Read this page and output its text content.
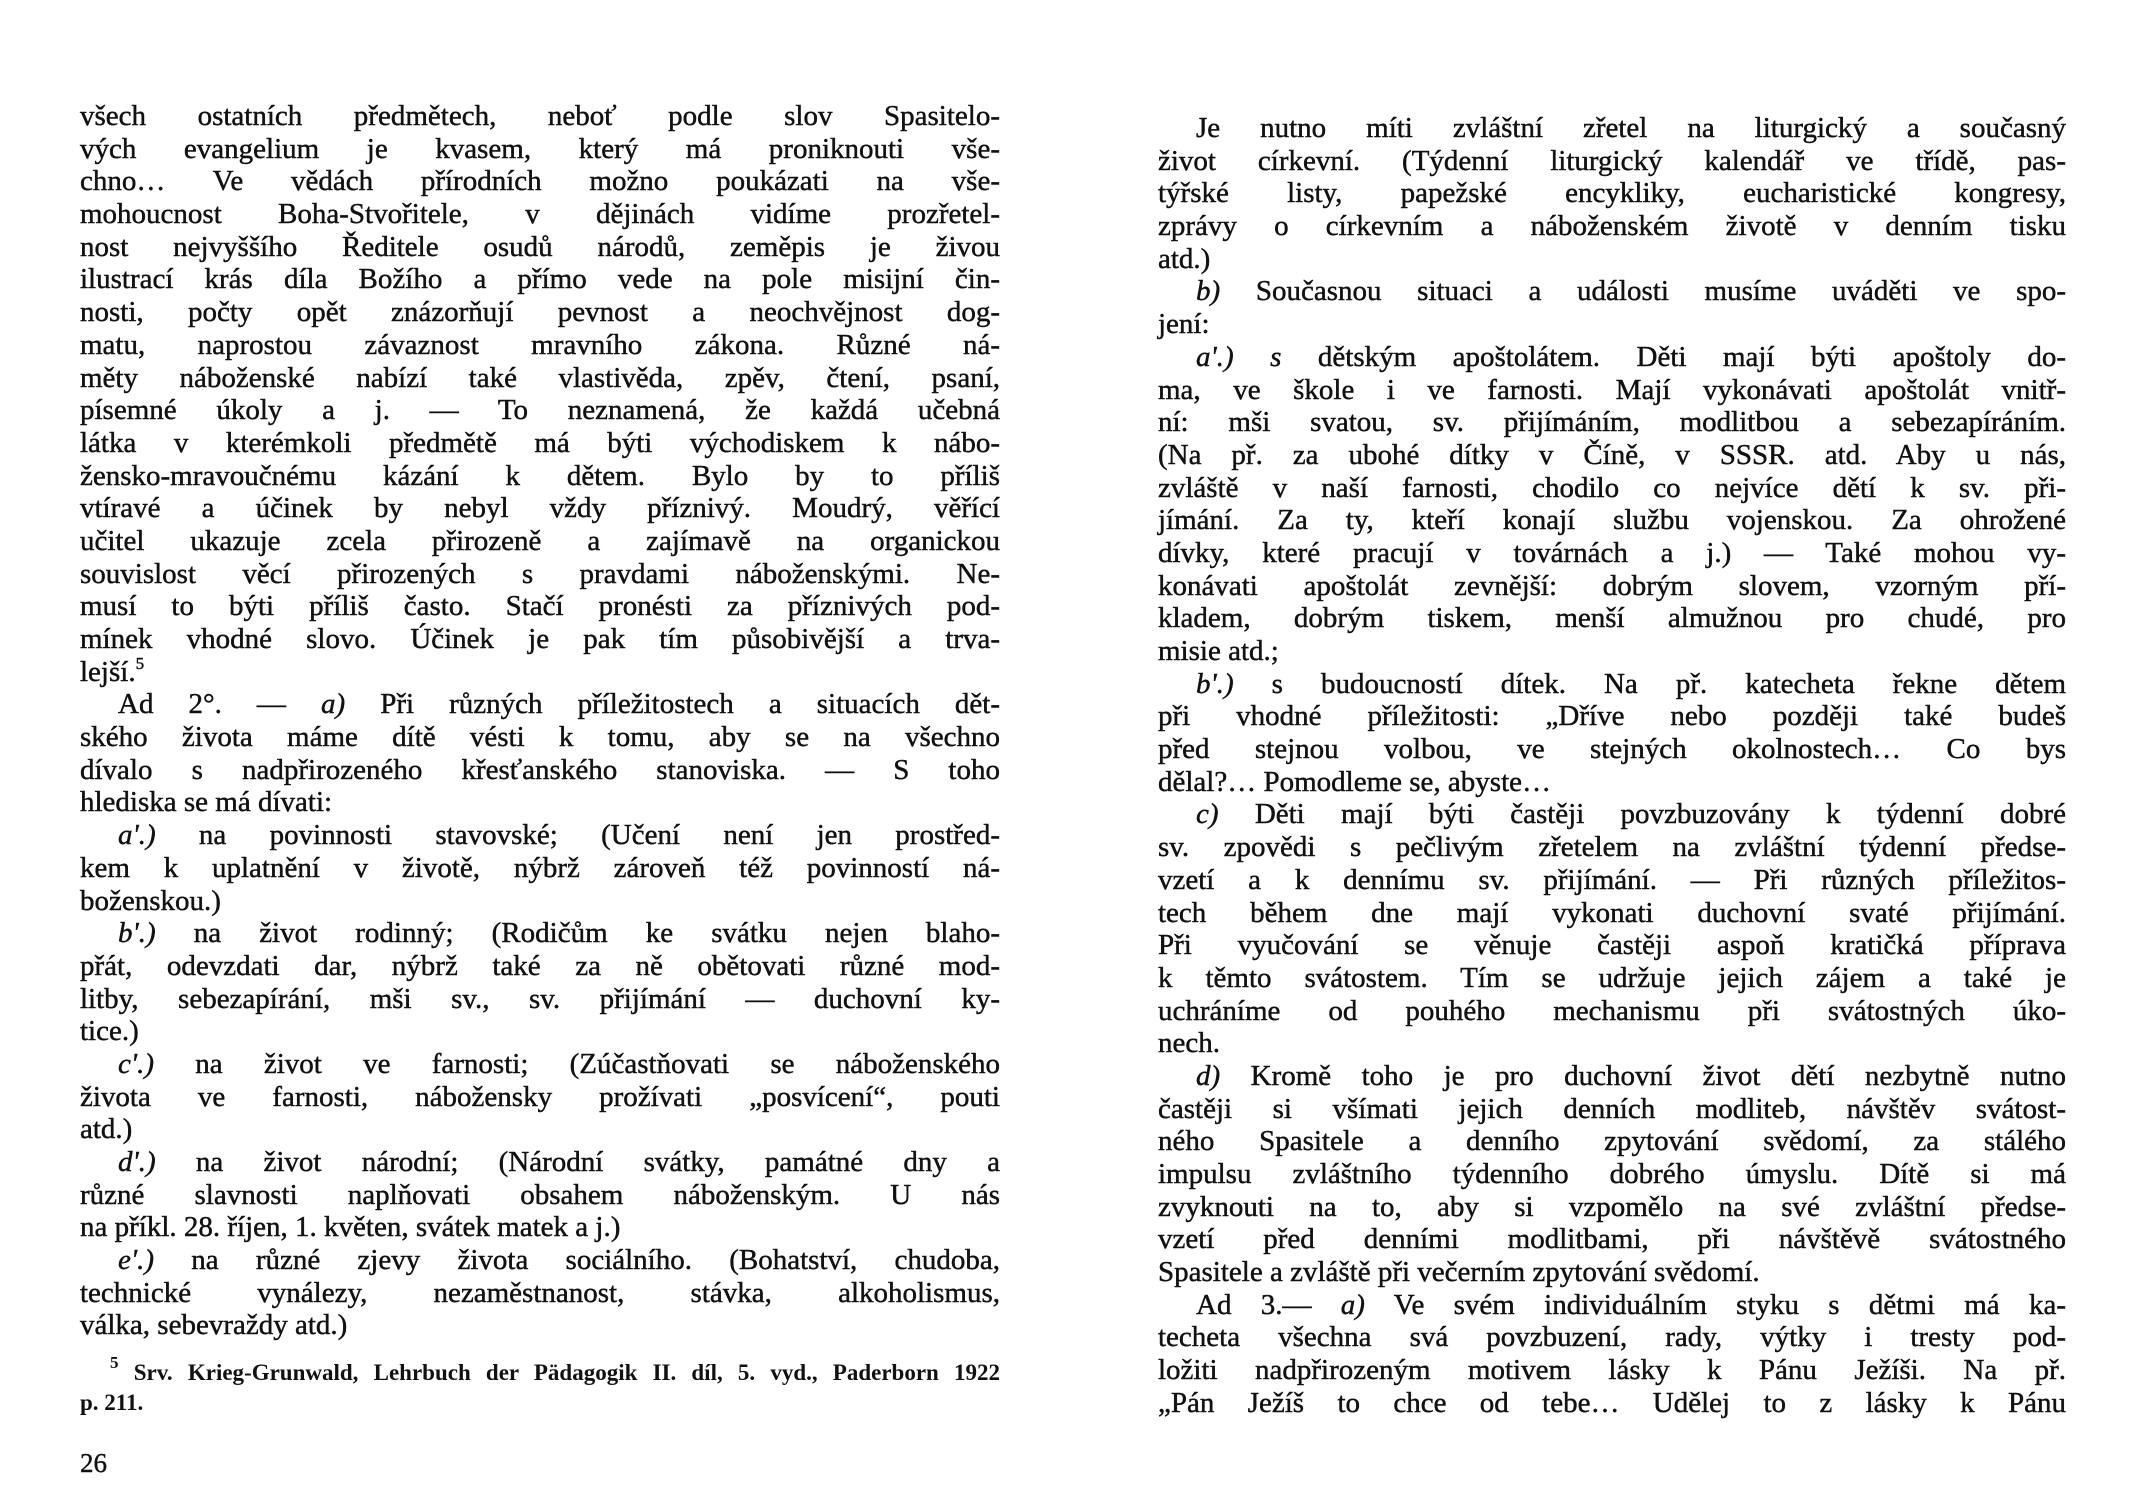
všech ostatních předmětech, neboť podle slov Spasitelo-
vých evangelium je kvasem, který má proniknouti vše-
chno… Ve vědách přírodních možno poukázati na vše-
mohoucnost Boha-Stvořitele, v dějinách vidíme prozřetel-
nost nejvyššího Ředitele osudů národů, zeměpis je živou
ilustrací krás díla Božího a přímo vede na pole misijní čin-
nosti, počty opět znázorňují pevnost a neochvějnost dog-
matu, naprostou závaznost mravního zákona. Různé ná-
měty náboženské nabízí také vlastivěda, zpěv, čtení, psaní,
písemné úkoly a j. — To neznamená, že každá učebná
látka v kterémkoli předmětě má býti východiskem k nábo-
žensko-mravoučnému kázání k dětem. Bylo by to příliš
vtíravé a účinek by nebyl vždy příznivý. Moudrý, věřící
učitel ukazuje zcela přirozeně a zajímavě na organickou
souvislost věcí přirozených s pravdami náboženskými. Ne-
musí to býti příliš často. Stačí pronésti za příznivých pod-
mínek vhodné slovo. Účinek je pak tím působivější a trva-
lejší.$^5$
Ad 2°. — a) Při různých příležitostech a situacích dět-
ského života máme dítě vésti k tomu, aby se na všechno
dívalo s nadpřirozeného křesťanského stanoviska. — S toho
hlediska se má dívati:
a'.) na povinnosti stavovské; (Učení není jen prostřed-
kem k uplatnění v životě, nýbrž zároveň též povinností ná-
boženskou.)
b'.) na život rodinný; (Rodičům ke svátku nejen blaho-
přát, odevzdati dar, nýbrž také za ně obětovati různé mod-
litby, sebezapírání, mši sv., sv. přijímání — duchovní ky-
tice.)
c'.) na život ve farnosti; (Zúčastňovati se náboženského
života ve farnosti, nábožensky prožívati „posvícení“, pouti
atd.)
d'.) na život národní; (Národní svátky, památné dny a
různé slavnosti naplňovati obsahem náboženským. U nás
na příkl. 28. říjen, 1. květen, svátek matek a j.)
e'.) na různé zjevy života sociálního. (Bohatství, chudoba,
technické vynálezy, nezaměstnanost, stávka, alkoholismus,
válka, sebevraždy atd.)
Je nutno míti zvláštní zřetel na liturgický a současný
život církevní. (Týdenní liturgický kalendář ve třídě, pas-
týřské listy, papežské encykliky, eucharistické kongresy,
zprávy o církevním a náboženském životě v denním tisku
atd.)
b) Současnou situaci a události musíme uváděti ve spo-
jení:
a'.) s dětským apoštolátem. Děti mají býti apoštoly do-
ma, ve škole i ve farnosti. Mají vykonávati apoštolát vnitř-
ní: mši svatou, sv. přijímáním, modlitbou a sebezapíráním.
(Na př. za ubohé dítky v Číně, v SSSR. atd. Aby u nás,
zvláště v naší farnosti, chodilo co nejvíce dětí k sv. při-
jímání. Za ty, kteří konají službu vojenskou. Za ohrožené
dívky, které pracují v továrnách a j.) — Také mohou vy-
konávati apoštolát zevnější: dobrým slovem, vzorným pří-
kladem, dobrým tiskem, menší almužnou pro chudé, pro
misie atd.;
b'.) s budoucností dítek. Na př. katecheta řekne dětem
při vhodné příležitosti: „Dříve nebo později také budeš
před stejnou volbou, ve stejných okolnostech… Co bys
dělal?… Pomodleme se, abyste…
c) Děti mají býti častěji povzbuzovány k týdenní dobré
sv. zpovědi s pečlivým zřetelem na zvláštní týdenní předse-
vzetí a k dennímu sv. přijímání. — Při různých příležitos-
tech během dne mají vykonati duchovní svaté přijímání.
Při vyučování se věnuje častěji aspoň kratičká příprava
k těmto svátostem. Tím se udržuje jejich zájem a také je
uchráníme od pouhého mechanismu při svátostných úko-
nech.
d) Kromě toho je pro duchovní život dětí nezbytně nutno
častěji si všímati jejich denních modliteb, návštěv svátost-
ného Spasitele a denního zpytování svědomí, za stálého
impulsu zvláštního týdenního dobrého úmyslu. Dítě si má
zvyknouti na to, aby si vzpomělo na své zvláštní předse-
vzetí před denními modlitbami, při návštěvě svátostného
Spasitele a zvláště při večerním zpytování svědomí.
Ad 3.— a) Ve svém individuálním styku s dětmi má ka-
techeta všechna svá povzbuzení, rady, výtky i tresty pod-
ložiti nadpřirozeným motivem lásky k Pánu Ježíši. Na př.
„Pán Ježíš to chce od tebe… Udělej to z lásky k Pánu
$^5$ Srv. Krieg-Grunwald, Lehrbuch der Pädagogik II. díl, 5. vyd., Paderborn 1922
p. 211.
26
